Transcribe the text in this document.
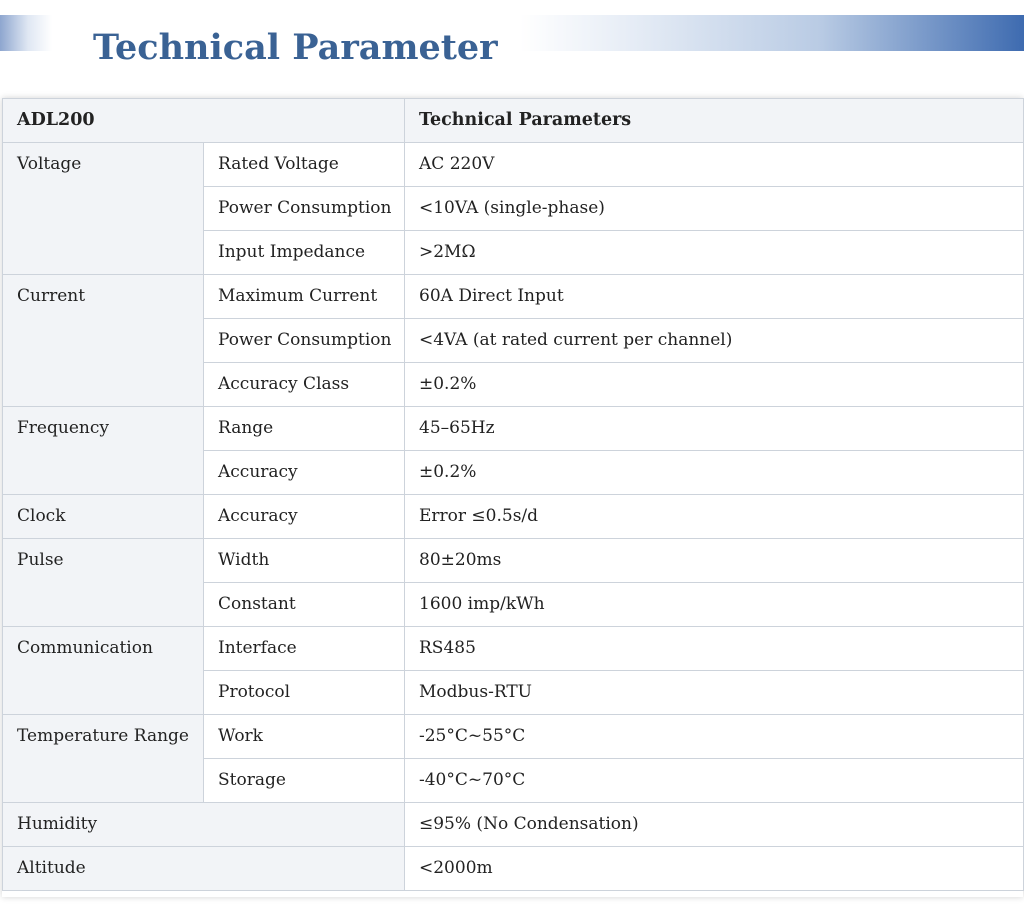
Technical Parameter
ADL200		Technical Parameters
Voltage	Rated Voltage	AC 220V
	Power Consumption	<10VA (single-phase)
	Input Impedance	>2MΩ
Current	Maximum Current	60A Direct Input
	Power Consumption	<4VA (at rated current per channel)
	Accuracy Class	±0.2%
Frequency	Range	45–65Hz
	Accuracy	±0.2%
Clock	Accuracy	Error ≤0.5s/d
Pulse	Width	80±20ms
	Constant	1600 imp/kWh
Communication	Interface	RS485
	Protocol	Modbus-RTU
Temperature Range	Work	-25°C~55°C
	Storage	-40°C~70°C
Humidity		≤95% (No Condensation)
Altitude		<2000m
